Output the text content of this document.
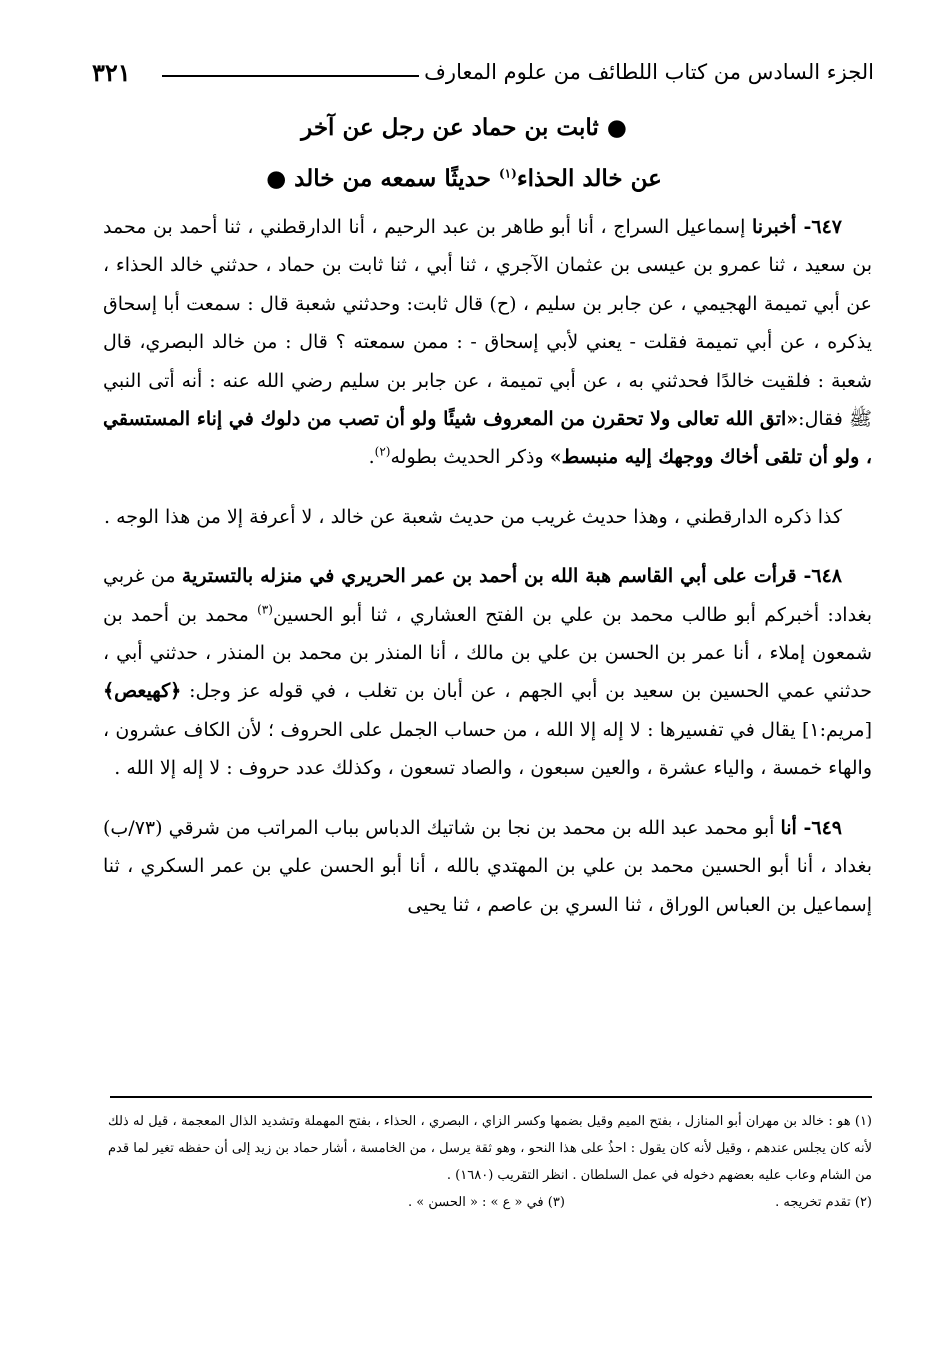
الجزء السادس من كتاب اللطائف من علوم المعارف
٣٢١
● ثابت بن حماد عن رجل عن آخر
عن خالد الحذاء$^{(١)}$ حديثًا سمعه من خالد ●

٦٤٧- أخبرنا إسماعيل السراج ، أنا أبو طاهر بن عبد الرحيم ، أنا الدارقطني ، ثنا أحمد بن محمد بن سعيد ، ثنا عمرو بن عيسى بن عثمان الآجري ، ثنا أبي ، ثنا ثابت بن حماد ، حدثني خالد الحذاء ، عن أبي تميمة الهجيمي ، عن جابر بن سليم ، (ح) قال ثابت: وحدثني شعبة قال : سمعت أبا إسحاق يذكره ، عن أبي تميمة فقلت - يعني لأبي إسحاق - : ممن سمعته ؟ قال : من خالد البصري، قال شعبة : فلقيت خالدًا فحدثني به ، عن أبي تميمة ، عن جابر بن سليم رضي الله عنه : أنه أتى النبي ﷺ فقال:«اتق الله تعالى ولا تحقرن من المعروف شيئًا ولو أن تصب من دلوك في إناء المستسقي ، ولو أن تلقى أخاك ووجهك إليه منبسط» وذكر الحديث بطوله$^{(٢)}$.

كذا ذكره الدارقطني ، وهذا حديث غريب من حديث شعبة عن خالد ، لا أعرفة إلا من هذا الوجه .

٦٤٨- قرأت على أبي القاسم هبة الله بن أحمد بن عمر الحريري في منزله بالتسترية من غربي بغداد: أخبركم أبو طالب محمد بن علي بن الفتح العشاري ، ثنا أبو الحسين$^{(٣)}$ محمد بن أحمد بن شمعون إملاء ، أنا عمر بن الحسن بن علي بن مالك ، أنا المنذر بن محمد بن المنذر ، حدثني أبي ، حدثني عمي الحسين بن سعيد بن أبي الجهم ، عن أبان بن تغلب ، في قوله عز وجل: ﴿كهيعص﴾ [مريم:١] يقال في تفسيرها : لا إله إلا الله ، من حساب الجمل على الحروف ؛ لأن الكاف عشرون ، والهاء خمسة ، والياء عشرة ، والعين سبعون ، والصاد تسعون ، وكذلك عدد حروف : لا إله إلا الله .

٦٤٩- أنا أبو محمد عبد الله بن محمد بن نجا بن شاتيك الدباس بباب المراتب من شرقي (٧٣/ب) بغداد ، أنا أبو الحسين محمد بن علي بن المهتدي بالله ، أنا أبو الحسن علي بن عمر السكري ، ثنا إسماعيل بن العباس الوراق ، ثنا السري بن عاصم ، ثنا يحيى

(١) هو : خالد بن مهران أبو المنازل ، بفتح الميم وقيل بضمها وكسر الزاي ، البصري ، الحذاء ، بفتح المهملة وتشديد الذال المعجمة ، قيل له ذلك لأنه كان يجلس عندهم ، وقيل لأنه كان يقول : احذُ على هذا النحو ، وهو ثقة يرسل ، من الخامسة ، أشار حماد بن زيد إلى أن حفظه تغير لما قدم من الشام وعاب عليه بعضهم دخوله في عمل السلطان . انظر التقريب (١٦٨٠) .

(٢) تقدم تخريجه .
(٣) في « ع » : « الحسن » .
